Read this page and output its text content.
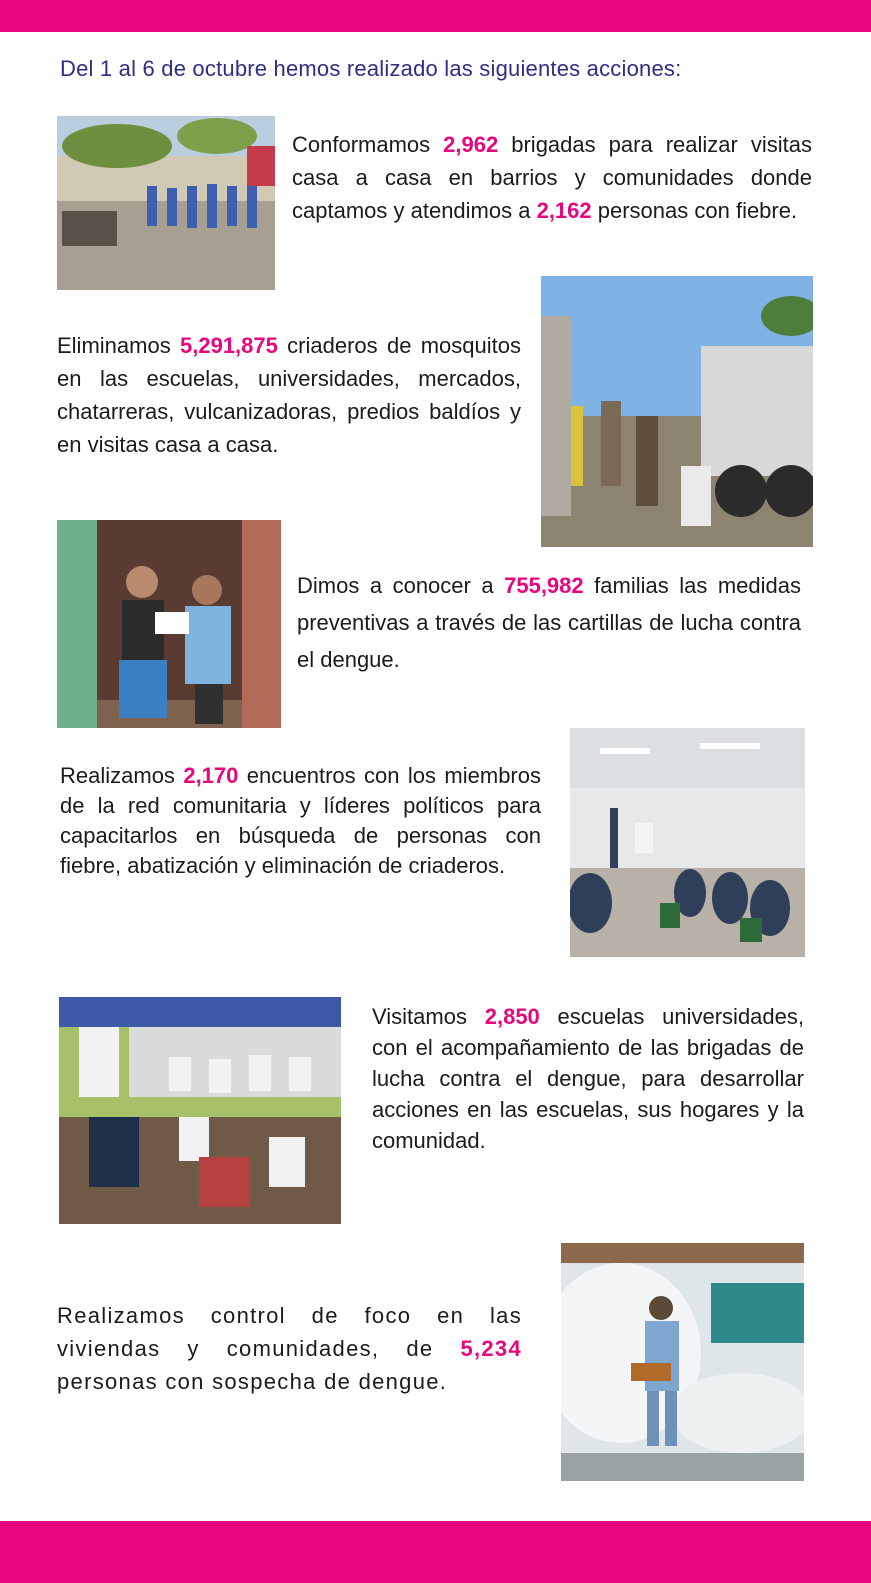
Del 1 al 6 de octubre hemos realizado las siguientes acciones:
Conformamos 2,962 brigadas para realizar visitas casa a casa en barrios y comunidades donde captamos y atendimos a 2,162 personas con fiebre.
Eliminamos 5,291,875 criaderos de mosquitos en las escuelas, universidades, mercados, chatarreras, vulcanizadoras, predios baldíos y en visitas casa a casa.
Dimos a conocer a 755,982 familias las medidas preventivas a través de las cartillas de lucha contra el dengue.
Realizamos 2,170 encuentros con los miembros de la red comunitaria y líderes políticos para capacitarlos en búsqueda de personas con fiebre, abatización y eliminación de criaderos.
Visitamos 2,850 escuelas universidades, con el acompañamiento de las brigadas de lucha contra el dengue, para desarrollar acciones en las escuelas, sus hogares y la comunidad.
Realizamos control de foco en las viviendas y comunidades, de 5,234 personas con sospecha de dengue.
